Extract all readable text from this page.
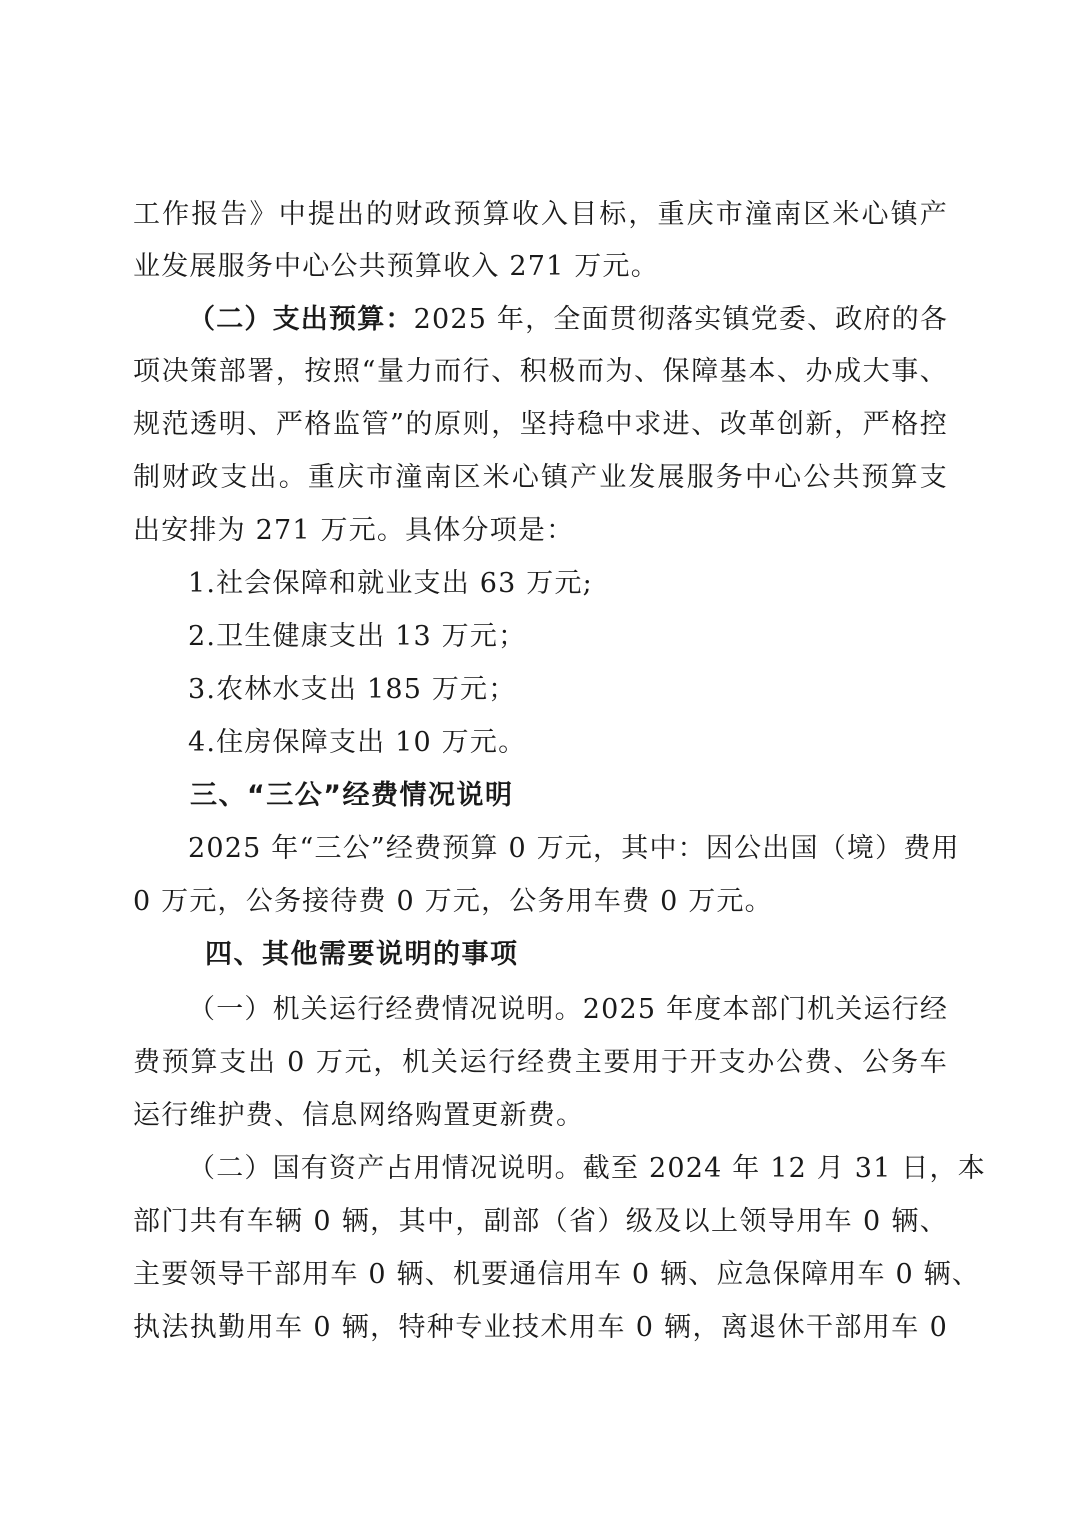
工作报告》中提出的财政预算收入目标，重庆市潼南区米心镇产
业发展服务中心公共预算收入 271 万元。
（二）支出预算：2025 年，全面贯彻落实镇党委、政府的各
项决策部署，按照“量力而行、积极而为、保障基本、办成大事、
规范透明、严格监管”的原则，坚持稳中求进、改革创新，严格控
制财政支出。重庆市潼南区米心镇产业发展服务中心公共预算支
出安排为 271 万元。具体分项是：
1.社会保障和就业支出 63 万元;
2.卫生健康支出 13 万元；
3.农林水支出 185 万元；
4.住房保障支出 10 万元。
三、“三公”经费情况说明
2025 年“三公”经费预算 0 万元，其中：因公出国（境）费用
0 万元，公务接待费 0 万元，公务用车费 0 万元。
四、其他需要说明的事项
（一）机关运行经费情况说明。2025 年度本部门机关运行经
费预算支出 0 万元，机关运行经费主要用于开支办公费、公务车
运行维护费、信息网络购置更新费。
（二）国有资产占用情况说明。截至 2024 年 12 月 31 日，本
部门共有车辆 0 辆，其中，副部（省）级及以上领导用车 0 辆、
主要领导干部用车 0 辆、机要通信用车 0 辆、应急保障用车 0 辆、
执法执勤用车 0 辆，特种专业技术用车 0 辆，离退休干部用车 0
